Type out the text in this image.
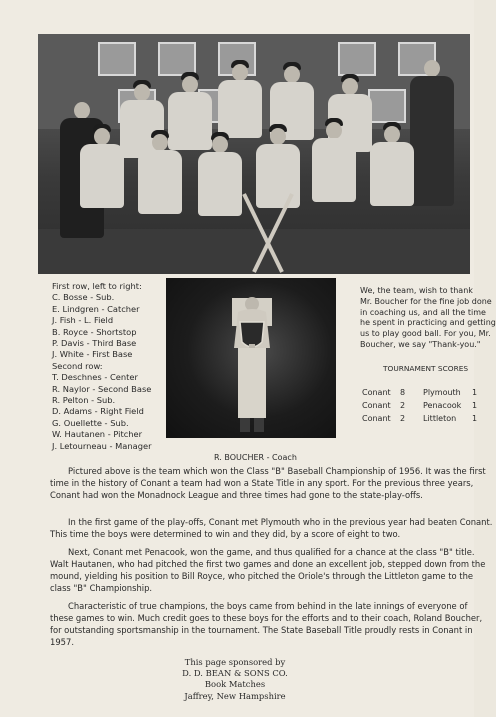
First row, left to right:
C. Bosse - Sub.
E. Lindgren - Catcher
J. Fish - L. Field
B. Royce - Shortstop
P. Davis - Third Base
J. White - First Base
Second row:
T. Deschnes - Center
R. Naylor - Second Base
R. Pelton - Sub.
D. Adams - Right Field
G. Ouellette - Sub.
W. Hautanen - Pitcher
J. Letourneau - Manager
R. BOUCHER - Coach
We, the team, wish to thank
Mr. Boucher for the fine job done
in coaching us, and all the time
he spent in practicing and getting
us to play good ball. For you, Mr.
Boucher, we say "Thank-you."
TOURNAMENT SCORES
Conant 8 Plymouth 1
Conant 2 Penacook 1
Conant 2 Littleton 1
Pictured above is the team which won the Class "B" Baseball Championship of 1956. It was the first
time in the history of Conant a team had won a State Title in any sport. For the previous three years,
Conant had won the Monadnock League and three times had gone to the state-play-offs.
In the first game of the play-offs, Conant met Plymouth who in the previous year had beaten Conant.
This time the boys were determined to win and they did, by a score of eight to two.
Next, Conant met Penacook, won the game, and thus qualified for a chance at the class "B" title.
Walt Hautanen, who had pitched the first two games and done an excellent job, stepped down from the
mound, yielding his position to Bill Royce, who pitched the Oriole's through the Littleton game to the
class "B" Championship.
Characteristic of true champions, the boys came from behind in the late innings of everyone of
these games to win. Much credit goes to these boys for the efforts and to their coach, Roland Boucher,
for outstanding sportsmanship in the tournament. The State Baseball Title proudly rests in Conant in
1957.
This page sponsored by
D. D. BEAN & SONS CO.
Book Matches
Jaffrey, New Hampshire
